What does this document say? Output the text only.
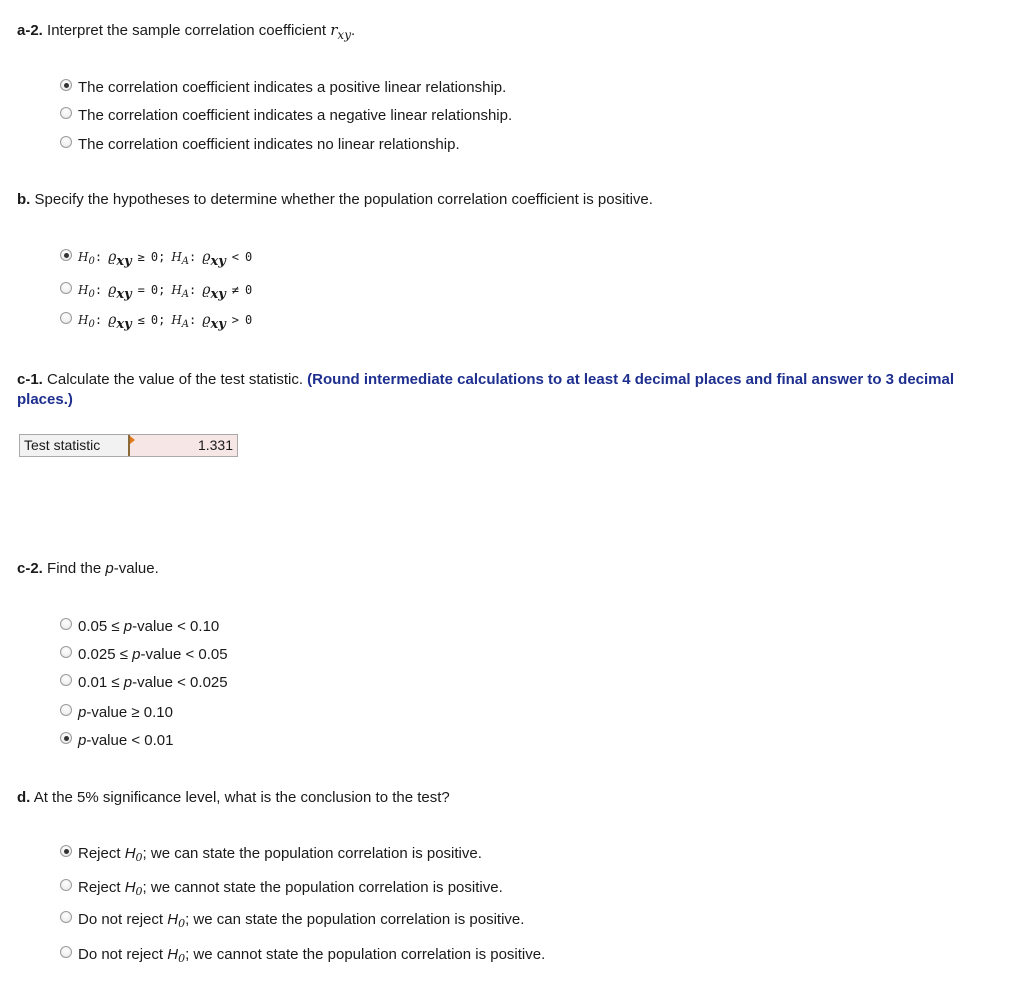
a-2. Interpret the sample correlation coefficient $r_{xy}$.
The correlation coefficient indicates a positive linear relationship.
The correlation coefficient indicates a negative linear relationship.
The correlation coefficient indicates no linear relationship.
b. Specify the hypotheses to determine whether the population correlation coefficient is positive.
$H_0$: ϱxy ≥ 0; $H_A$: ϱxy < 0
$H_0$: ϱxy = 0; $H_A$: ϱxy ≠ 0
$H_0$: ϱxy ≤ 0; $H_A$: ϱxy > 0
c-1. Calculate the value of the test statistic. (Round intermediate calculations to at least 4 decimal places and final answer to 3 decimal places.)
Test statistic	1.331
c-2. Find the p-value.
0.05 ≤ p-value < 0.10
0.025 ≤ p-value < 0.05
0.01 ≤ p-value < 0.025
p-value ≥ 0.10
p-value < 0.01
d. At the 5% significance level, what is the conclusion to the test?
Reject $H_0$; we can state the population correlation is positive.
Reject $H_0$; we cannot state the population correlation is positive.
Do not reject $H_0$; we can state the population correlation is positive.
Do not reject $H_0$; we cannot state the population correlation is positive.
